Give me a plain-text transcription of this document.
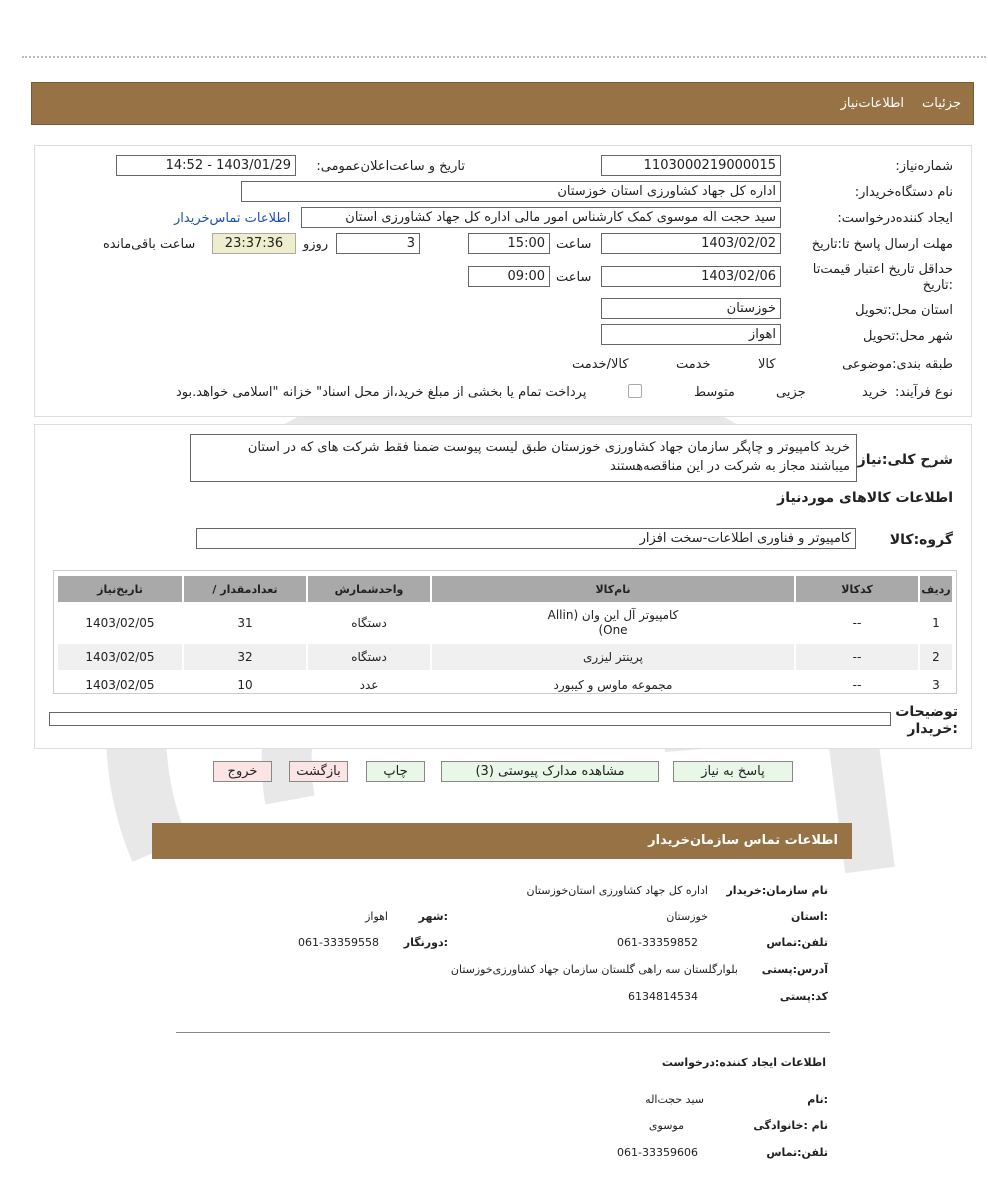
جزئیات
اطلاعات‌نیاز
شماره‌نیاز:
1103000219000015
تاریخ و ساعت‌اعلان‌عمومی:
1403/01/29 - 14:52
نام دستگاه‌خریدار:
اداره کل جهاد کشاورزی استان خوزستان
ایجاد کننده‌درخواست:
سید حجت اله موسوی کمک کارشناس امور مالی اداره کل جهاد کشاورزی استان
اطلاعات تماس‌خریدار
مهلت ارسال ‌پاسخ تا‌:تاریخ
1403/02/02
ساعت
15:00
3
روزو
23:37:36
ساعت باقی‌مانده
حداقل تاریخ اعتبار ‌قیمت‌تا ‌:تاریخ
1403/02/06
ساعت
09:00
استان محل‌:تحویل
خوزستان
شهر محل‌:تحویل
اهواز
طبقه بندی‌:موضوعی

کالا

خدمت

کالا/خدمت
نوع فرآیند‌:
خرید

جزیی
متوسط
پرداخت تمام یا بخشی از مبلغ خرید،از محل اسناد" خزانه "اسلامی خواهد.بود
شرح کلی‌:نیاز
خرید کامپیوتر و چاپگر سازمان جهاد کشاورزی خوزستان طبق لیست پیوست ضمنا فقط شرکت های که در استان
میباشند مجاز به شرکت در این مناقصه‌هستند
اطلاعات کالاهای مورد‌نیاز
گروه‌:کالا
کامپیوتر و فناوری اطلاعات-سخت افزار
ردیف	کدکالا	نام‌کالا	واحدشمارش	تعدادمقدار /	تاریخ‌نیاز
1	--	کامپیوتر آل این وان (Allin
One)	دستگاه	31	1403/02/05
2	--	پرینتر لیزری	دستگاه	32	1403/02/05
3	--	مجموعه ماوس و کیبورد	عدد	10	1403/02/05
توضیحات
:خریدار
پاسخ به نیاز
مشاهده مدارک پیوستی (3)
چاپ
بازگشت
خروج
اطلاعات تماس سازمان‌خریدار
نام سازمان‌:خریدار
اداره کل جهاد کشاورزی استان‌خوزستان
:استان
خوزستان
:شهر
اهواز
تلفن‌:تماس
061-33359852
:دورنگار
061-33359558
آدرس‌:پستی
بلوار‌گلستان سه راهی ‌گلستان سازمان جهاد کشاورزی‌خوزستان
کد‌:پستی
6134814534
اطلاعات ایجاد کننده‌:درخواست
:نام
سید حجت‌اله
نام :خانوادگی
موسوی
تلفن‌:تماس
061-33359606
